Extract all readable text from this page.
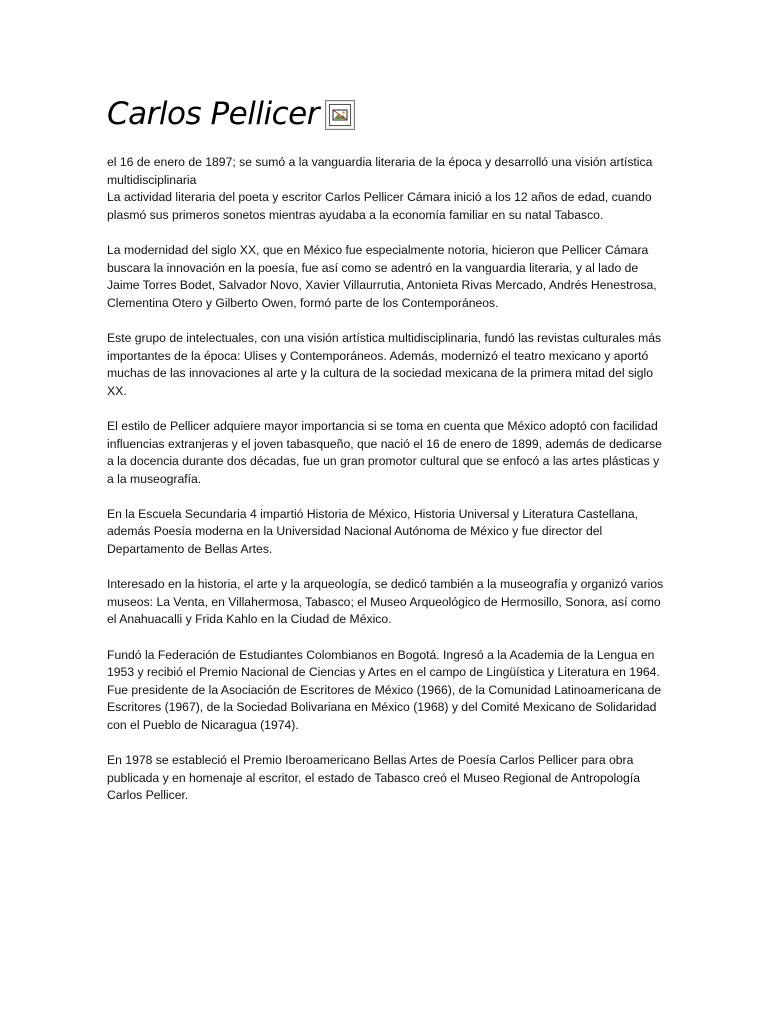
Carlos Pellicer

el 16 de enero de 1897; se sumó a la vanguardia literaria de la época y desarrolló una visión artística multidisciplinaria

La actividad literaria del poeta y escritor Carlos Pellicer Cámara inició a los 12 años de edad, cuando plasmó sus primeros sonetos mientras ayudaba a la economía familiar en su natal Tabasco.

La modernidad del siglo XX, que en México fue especialmente notoria, hicieron que Pellicer Cámara buscara la innovación en la poesía, fue así como se adentró en la vanguardia literaria, y al lado de Jaime Torres Bodet, Salvador Novo, Xavier Villaurrutia, Antonieta Rivas Mercado, Andrés Henestrosa, Clementina Otero y Gilberto Owen, formó parte de los Contemporáneos.

Este grupo de intelectuales, con una visión artística multidisciplinaria, fundó las revistas culturales más importantes de la época: Ulises y Contemporáneos. Además, modernizó el teatro mexicano y aportó muchas de las innovaciones al arte y la cultura de la sociedad mexicana de la primera mitad del siglo XX.

El estilo de Pellicer adquiere mayor importancia si se toma en cuenta que México adoptó con facilidad influencias extranjeras y el joven tabasqueño, que nació el 16 de enero de 1899, además de dedicarse a la docencia durante dos décadas, fue un gran promotor cultural que se enfocó a las artes plásticas y a la museografía.

En la Escuela Secundaria 4 impartió Historia de México, Historia Universal y Literatura Castellana, además Poesía moderna en la Universidad Nacional Autónoma de México y fue director del Departamento de Bellas Artes.

Interesado en la historia, el arte y la arqueología, se dedicó también a la museografía y organizó varios museos: La Venta, en Villahermosa, Tabasco; el Museo Arqueológico de Hermosillo, Sonora, así como el Anahuacalli y Frida Kahlo en la Ciudad de México.

Fundó la Federación de Estudiantes Colombianos en Bogotá. Ingresó a la Academia de la Lengua en 1953 y recibió el Premio Nacional de Ciencias y Artes en el campo de Lingüística y Literatura en 1964. Fue presidente de la Asociación de Escritores de México (1966), de la Comunidad Latinoamericana de Escritores (1967), de la Sociedad Bolivariana en México (1968) y del Comité Mexicano de Solidaridad con el Pueblo de Nicaragua (1974).

En 1978 se estableció el Premio Iberoamericano Bellas Artes de Poesía Carlos Pellicer para obra publicada y en homenaje al escritor, el estado de Tabasco creó el Museo Regional de Antropología Carlos Pellicer.
